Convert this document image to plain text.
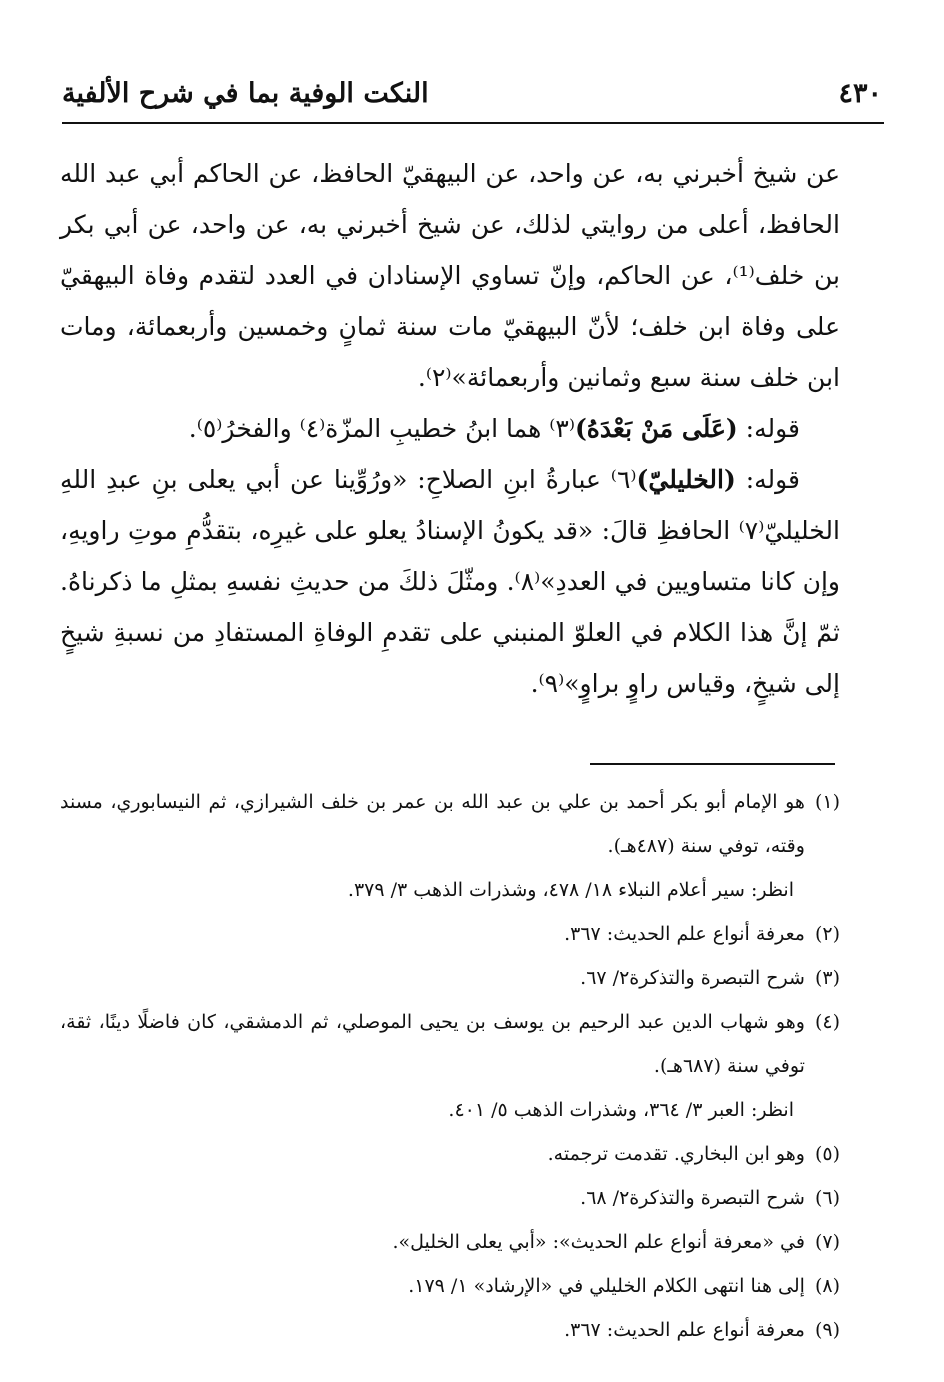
٤٣٠
النكت الوفية بما في شرح الألفية

عن شيخ أخبرني به، عن واحد، عن البيهقيّ الحافظ، عن الحاكم أبي عبد الله الحافظ، أعلى من روايتي لذلك، عن شيخ أخبرني به، عن واحد، عن أبي بكر بن خلف⁽¹⁾، عن الحاكم، وإنّ تساوي الإسنادان في العدد لتقدم وفاة البيهقيّ على وفاة ابن خلف؛ لأنّ البيهقيّ مات سنة ثمانٍ وخمسين وأربعمائة، ومات ابن خلف سنة سبع وثمانين وأربعمائة»⁽٢⁾.

قوله: (عَلَى مَنْ بَعْدَهُ)⁽٣⁾ هما ابنُ خطيبِ المزّة⁽٤⁾ والفخرُ⁽٥⁾.

قوله: (الخليليّ)⁽٦⁾ عبارةُ ابنِ الصلاحِ: «ورُوِّينا عن أبي يعلى بنِ عبدِ اللهِ الخليليّ⁽٧⁾ الحافظِ قالَ: «قد يكونُ الإسنادُ يعلو على غيرِه، بتقدُّمِ موتِ راويهِ، وإن كانا متساويين في العددِ»⁽٨⁾. ومثّلَ ذلكَ من حديثِ نفسهِ بمثلِ ما ذكرناهُ. ثمّ إنَّ هذا الكلام في العلوّ المنبني على تقدمِ الوفاةِ المستفادِ من نسبةِ شيخٍ إلى شيخٍ، وقياس راوٍ براوٍ»⁽٩⁾.

(١)
هو الإمام أبو بكر أحمد بن علي بن عبد الله بن عمر بن خلف الشيرازي، ثم النيسابوري، مسند وقته، توفي سنة (٤٨٧هـ).
انظر: سير أعلام النبلاء ١٨/ ٤٧٨، وشذرات الذهب ٣/ ٣٧٩.
(٢)
معرفة أنواع علم الحديث: ٣٦٧.
(٣)
شرح التبصرة والتذكرة٢/ ٦٧.
(٤)
وهو شهاب الدين عبد الرحيم بن يوسف بن يحيى الموصلي، ثم الدمشقي، كان فاضلًا دينًا، ثقة، توفي سنة (٦٨٧هـ).
انظر: العبر ٣/ ٣٦٤، وشذرات الذهب ٥/ ٤٠١.
(٥)
وهو ابن البخاري. تقدمت ترجمته.
(٦)
شرح التبصرة والتذكرة٢/ ٦٨.
(٧)
في «معرفة أنواع علم الحديث»: «أبي يعلى الخليل».
(٨)
إلى هنا انتهى الكلام الخليلي في «الإرشاد» ١/ ١٧٩.
(٩)
معرفة أنواع علم الحديث: ٣٦٧.
